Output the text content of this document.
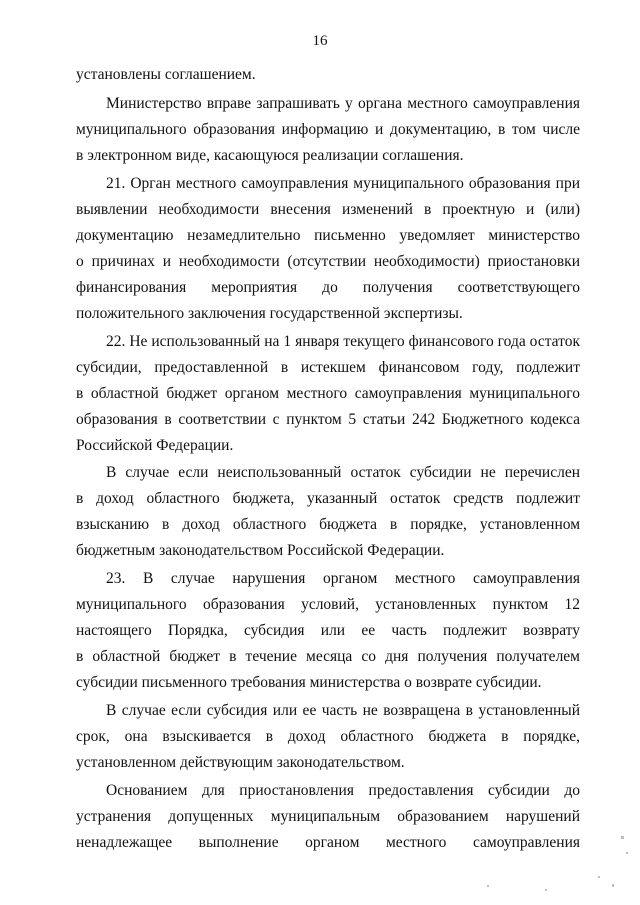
16
установлены соглашением.
Министерство вправе запрашивать у органа местного самоуправления
муниципального образования информацию и документацию, в том числе
в электронном виде, касающуюся реализации соглашения.
21. Орган местного самоуправления муниципального образования при
выявлении необходимости внесения изменений в проектную и (или)
документацию незамедлительно письменно уведомляет министерство
о причинах и необходимости (отсутствии необходимости) приостановки
финансирования мероприятия до получения соответствующего
положительного заключения государственной экспертизы.
22. Не использованный на 1 января текущего финансового года остаток
субсидии, предоставленной в истекшем финансовом году, подлежит
в областной бюджет органом местного самоуправления муниципального
образования в соответствии с пунктом 5 статьи 242 Бюджетного кодекса
Российской Федерации.
В случае если неиспользованный остаток субсидии не перечислен
в доход областного бюджета, указанный остаток средств подлежит
взысканию в доход областного бюджета в порядке, установленном
бюджетным законодательством Российской Федерации.
23. В случае нарушения органом местного самоуправления
муниципального образования условий, установленных пунктом 12
настоящего Порядка, субсидия или ее часть подлежит возврату
в областной бюджет в течение месяца со дня получения получателем
субсидии письменного требования министерства о возврате субсидии.
В случае если субсидия или ее часть не возвращена в установленный
срок, она взыскивается в доход областного бюджета в порядке,
установленном действующим законодательством.
Основанием для приостановления предоставления субсидии до
устранения допущенных муниципальным образованием нарушений
ненадлежащее выполнение органом местного самоуправления
